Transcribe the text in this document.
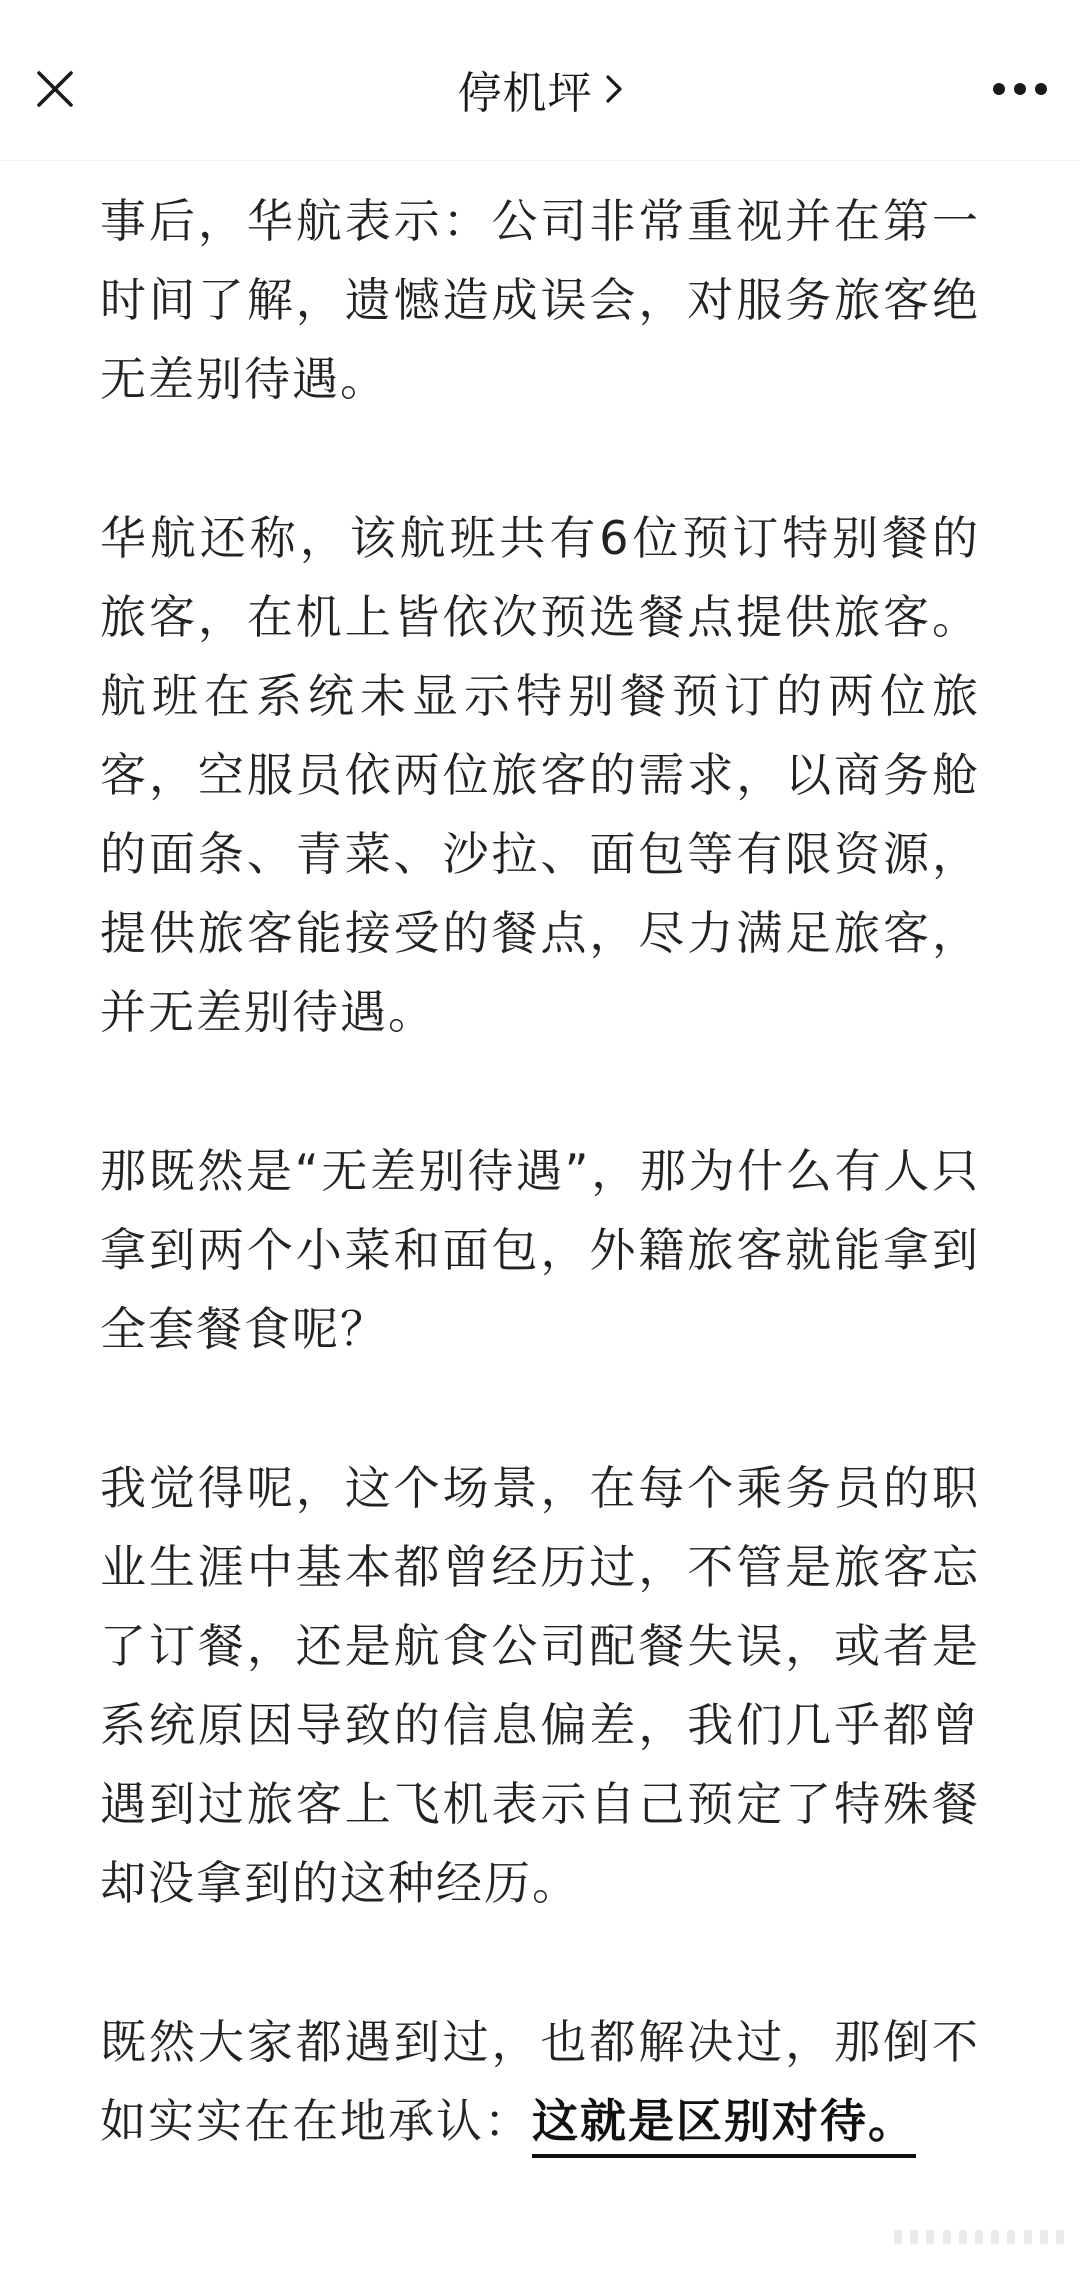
停机坪

事后，华航表示：公司非常重视并在第一时间了解，遗憾造成误会，对服务旅客绝无差别待遇。

华航还称，该航班共有6位预订特别餐的旅客，在机上皆依次预选餐点提供旅客。航班在系统未显示特别餐预订的两位旅客，空服员依两位旅客的需求，以商务舱的面条、青菜、沙拉、面包等有限资源，提供旅客能接受的餐点，尽力满足旅客，并无差别待遇。

那既然是“无差别待遇”，那为什么有人只拿到两个小菜和面包，外籍旅客就能拿到全套餐食呢？

我觉得呢，这个场景，在每个乘务员的职业生涯中基本都曾经历过，不管是旅客忘了订餐，还是航食公司配餐失误，或者是系统原因导致的信息偏差，我们几乎都曾遇到过旅客上飞机表示自己预定了特殊餐却没拿到的这种经历。

既然大家都遇到过，也都解决过，那倒不如实实在在地承认：这就是区别对待。
